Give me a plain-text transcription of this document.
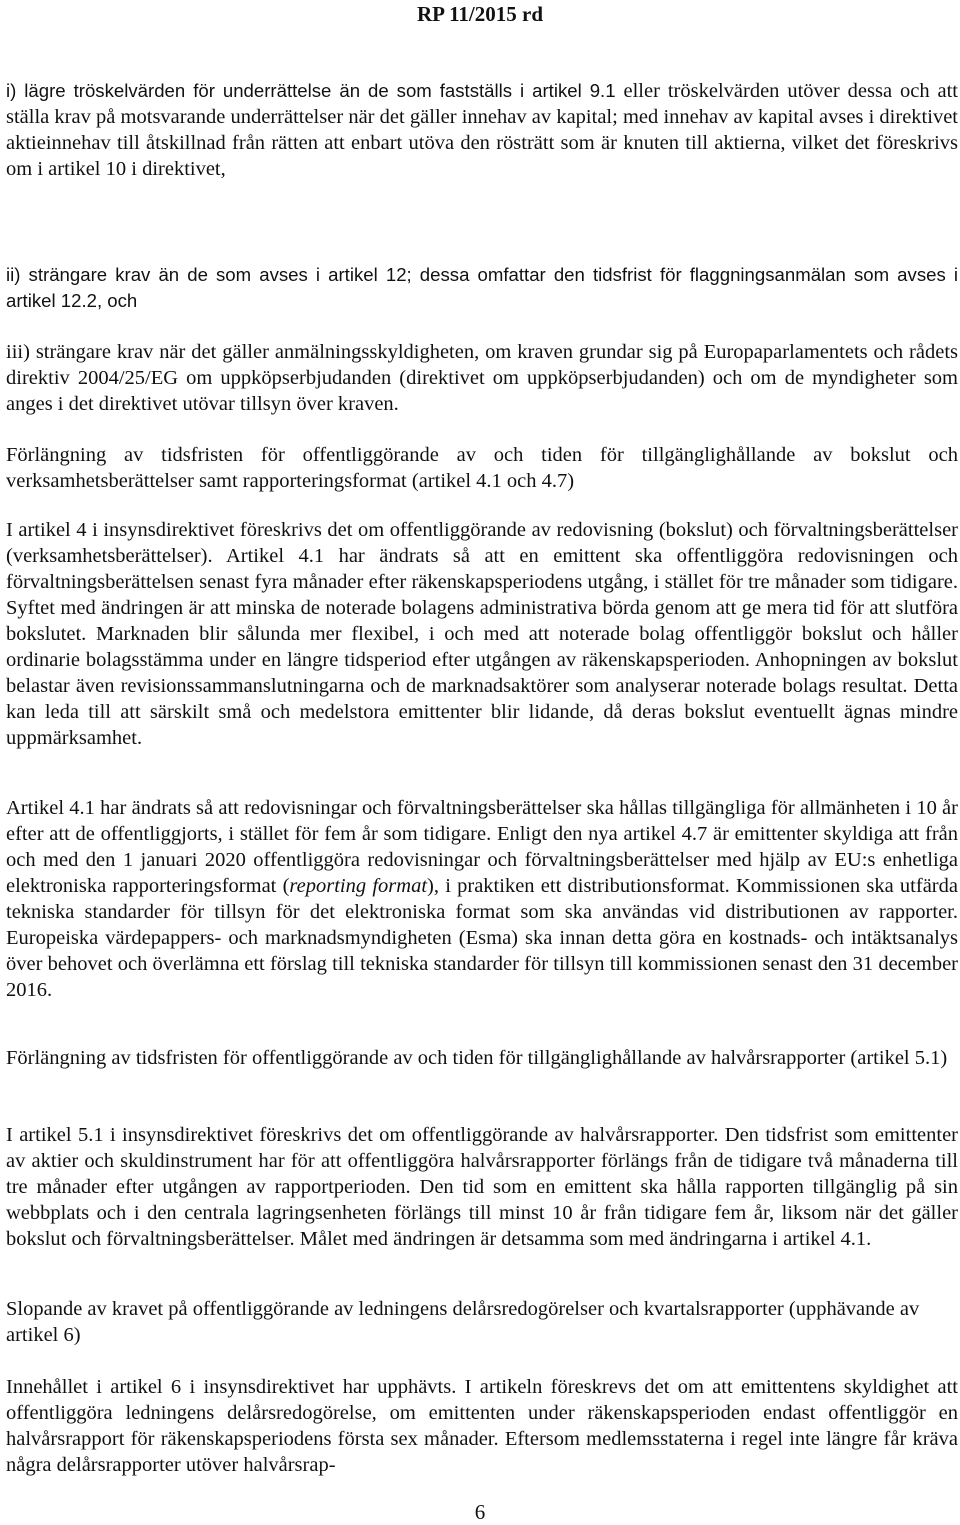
RP 11/2015 rd

i) lägre tröskelvärden för underrättelse än de som fastställs i artikel 9.1 eller tröskelvärden utöver dessa och att ställa krav på motsvarande underrättelser när det gäller innehav av kapital; med innehav av kapital avses i direktivet aktieinnehav till åtskillnad från rätten att enbart utöva den rösträtt som är knuten till aktierna, vilket det föreskrivs om i artikel 10 i direktivet,

ii) strängare krav än de som avses i artikel 12; dessa omfattar den tidsfrist för flaggningsanmälan som avses i artikel 12.2, och

iii) strängare krav när det gäller anmälningsskyldigheten, om kraven grundar sig på Europaparlamentets och rådets direktiv 2004/25/EG om uppköpserbjudanden (direktivet om uppköpserbjudanden) och om de myndigheter som anges i det direktivet utövar tillsyn över kraven.

Förlängning av tidsfristen för offentliggörande av och tiden för tillgänglighållande av bokslut och verksamhetsberättelser samt rapporteringsformat (artikel 4.1 och 4.7)

I artikel 4 i insynsdirektivet föreskrivs det om offentliggörande av redovisning (bokslut) och förvaltningsberättelser (verksamhetsberättelser). Artikel 4.1 har ändrats så att en emittent ska offentliggöra redovisningen och förvaltningsberättelsen senast fyra månader efter räkenskapsperiodens utgång, i stället för tre månader som tidigare. Syftet med ändringen är att minska de noterade bolagens administrativa börda genom att ge mera tid för att slutföra bokslutet. Marknaden blir sålunda mer flexibel, i och med att noterade bolag offentliggör bokslut och håller ordinarie bolagsstämma under en längre tidsperiod efter utgången av räkenskapsperioden. Anhopningen av bokslut belastar även revisionssammanslutningarna och de marknadsaktörer som analyserar noterade bolags resultat. Detta kan leda till att särskilt små och medelstora emittenter blir lidande, då deras bokslut eventuellt ägnas mindre uppmärksamhet.

Artikel 4.1 har ändrats så att redovisningar och förvaltningsberättelser ska hållas tillgängliga för allmänheten i 10 år efter att de offentliggjorts, i stället för fem år som tidigare. Enligt den nya artikel 4.7 är emittenter skyldiga att från och med den 1 januari 2020 offentliggöra redovisningar och förvaltningsberättelser med hjälp av EU:s enhetliga elektroniska rapporteringsformat (reporting format), i praktiken ett distributionsformat. Kommissionen ska utfärda tekniska standarder för tillsyn för det elektroniska format som ska användas vid distributionen av rapporter. Europeiska värdepappers- och marknadsmyndigheten (Esma) ska innan detta göra en kostnads- och intäktsanalys över behovet och överlämna ett förslag till tekniska standarder för tillsyn till kommissionen senast den 31 december 2016.

Förlängning av tidsfristen för offentliggörande av och tiden för tillgänglighållande av halvårsrapporter (artikel 5.1)

I artikel 5.1 i insynsdirektivet föreskrivs det om offentliggörande av halvårsrapporter. Den tidsfrist som emittenter av aktier och skuldinstrument har för att offentliggöra halvårsrapporter förlängs från de tidigare två månaderna till tre månader efter utgången av rapportperioden. Den tid som en emittent ska hålla rapporten tillgänglig på sin webbplats och i den centrala lagringsenheten förlängs till minst 10 år från tidigare fem år, liksom när det gäller bokslut och förvaltningsberättelser. Målet med ändringen är detsamma som med ändringarna i artikel 4.1.

Slopande av kravet på offentliggörande av ledningens delårsredogörelser och kvartalsrapporter (upphävande av artikel 6)

Innehållet i artikel 6 i insynsdirektivet har upphävts. I artikeln föreskrevs det om att emittentens skyldighet att offentliggöra ledningens delårsredogörelse, om emittenten under räkenskapsperioden endast offentliggör en halvårsrapport för räkenskapsperiodens första sex månader. Eftersom medlemsstaterna i regel inte längre får kräva några delårsrapporter utöver halvårsrap-

6
